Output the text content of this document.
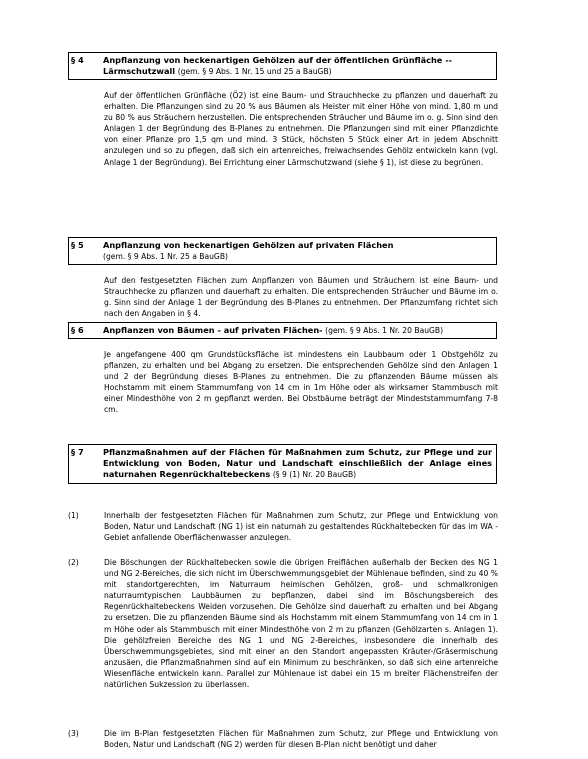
§ 4	Anpflanzung von heckenartigen Gehölzen auf der öffentlichen Grünfläche -- Lärmschutzwall (gem. § 9 Abs. 1 Nr. 15 und 25 a BauGB)

Auf der öffentlichen Grünfläche (Ö2) ist eine Baum- und Strauchhecke zu pflanzen und dauerhaft zu erhalten. Die Pflanzungen sind zu 20 % aus Bäumen als Heister mit einer Höhe von mind. 1,80 m und zu 80 % aus Sträuchern herzustellen. Die entsprechenden Sträucher und Bäume im o. g. Sinn sind den Anlagen 1 der Begründung des B-Planes zu entnehmen. Die Pflanzungen sind mit einer Pflanzdichte von einer Pflanze pro 1,5 qm und mind. 3 Stück, höchsten 5 Stück einer Art in jedem Abschnitt anzulegen und so zu pflegen, daß sich ein artenreiches, freiwachsendes Gehölz entwickeln kann (vgl. Anlage 1 der Begründung). Bei Errichtung einer Lärmschutzwand (siehe § 1), ist diese zu begrünen.

§ 5	Anpflanzung von heckenartigen Gehölzen auf privaten Flächen
(gem. § 9 Abs. 1 Nr. 25 a BauGB)

Auf den festgesetzten Flächen zum Anpflanzen von Bäumen und Sträuchern ist eine Baum- und Strauchhecke zu pflanzen und dauerhaft zu erhalten. Die entsprechenden Sträucher und Bäume im o. g. Sinn sind der Anlage 1 der Begründung des B-Planes zu entnehmen. Der Pflanzumfang richtet sich nach den Angaben in § 4.

§ 6	Anpflanzen von Bäumen - auf privaten Flächen- (gem. § 9 Abs. 1 Nr. 20 BauGB)

Je angefangene 400 qm Grundstücksfläche ist mindestens ein Laubbaum oder 1 Obstgehölz zu pflanzen, zu erhalten und bei Abgang zu ersetzen. Die entsprechenden Gehölze sind den Anlagen 1 und 2 der Begründung dieses B-Planes zu entnehmen. Die zu pflanzenden Bäume müssen als Hochstamm mit einem Stammumfang von 14 cm in 1m Höhe oder als wirksamer Stammbusch mit einer Mindesthöhe von 2 m gepflanzt werden. Bei Obstbäume beträgt der Mindeststammumfang 7-8 cm.

§ 7	Pflanzmaßnahmen auf der Flächen für Maßnahmen zum Schutz, zur Pflege und zur Entwicklung von Boden, Natur und Landschaft einschließlich der Anlage eines naturnahen Regenrückhaltebeckens (§ 9 (1) Nr. 20 BauGB)
(1)	Innerhalb der festgesetzten Flächen für Maßnahmen zum Schutz, zur Pflege und Entwicklung von Boden, Natur und Landschaft (NG 1) ist ein naturnah zu gestaltendes Rückhaltebecken für das im WA -Gebiet anfallende Oberflächenwasser anzulegen.
(2)	Die Böschungen der Rückhaltebecken sowie die übrigen Freiflächen außerhalb der Becken des NG 1 und NG 2-Bereiches, die sich nicht im Überschwemmungsgebiet der Mühlenaue befinden, sind zu 40 % mit standortgerechten, im Naturraum heimischen Gehölzen, groß- und schmalkronigen naturraumtypischen Laubbäumen zu bepflanzen, dabei sind im Böschungsbereich des Regenrückhaltebeckens Weiden vorzusehen. Die Gehölze sind dauerhaft zu erhalten und bei Abgang zu ersetzen. Die zu pflanzenden Bäume sind als Hochstamm mit einem Stammumfang von 14 cm in 1 m Höhe oder als Stammbusch mit einer Mindesthöhe von 2 m zu pflanzen (Gehölzarten s. Anlagen 1). Die gehölzfreien Bereiche des NG 1 und NG 2-Bereiches, insbesondere die innerhalb des Überschwemmungsgebietes, sind mit einer an den Standort angepassten Kräuter-/Gräsermischung anzusäen, die Pflanzmaßnahmen sind auf ein Minimum zu beschränken, so daß sich eine artenreiche Wiesenfläche entwickeln kann. Parallel zur Mühlenaue ist dabei ein 15 m breiter Flächenstreifen der natürlichen Sukzession zu überlassen.
(3)	Die im B-Plan festgesetzten Flächen für Maßnahmen zum Schutz, zur Pflege und Entwicklung von Boden, Natur und Landschaft (NG 2) werden für diesen B-Plan nicht benötigt und daher
